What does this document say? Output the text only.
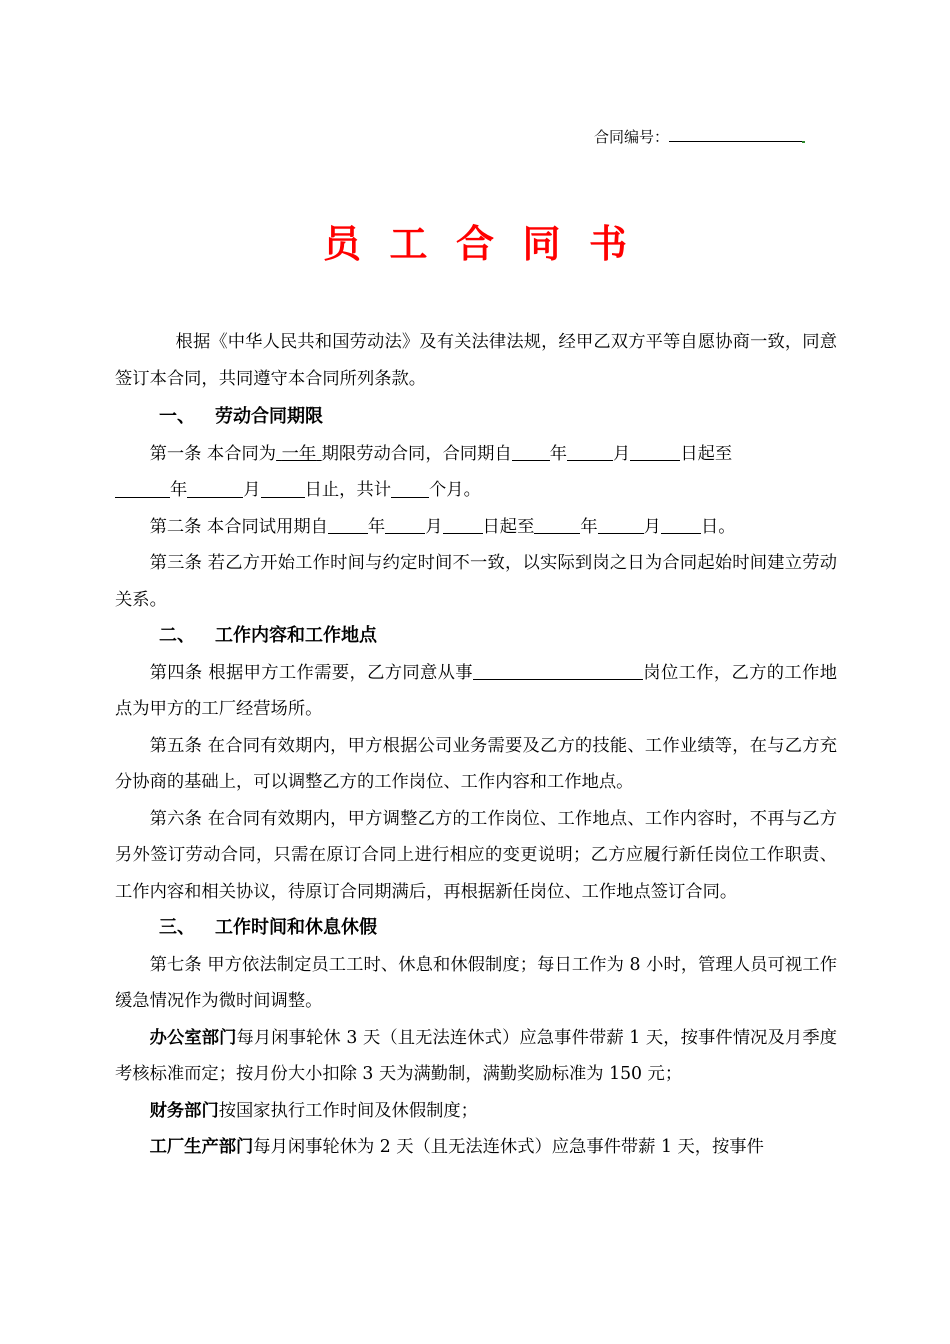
合同编号：
员工合同书

根据《中华人民共和国劳动法》及有关法律法规，经甲乙双方平等自愿协商一致，同意签订本合同，共同遵守本合同所列条款。

一、 劳动合同期限

第一条 本合同为 一年 期限劳动合同，合同期自 年	月	日起至
年	月	日止，共计 个月。

第二条 本合同试用期自 年 月 日起至	年	月 日。

第三条 若乙方开始工作时间与约定时间不一致，以实际到岗之日为合同起始时间建立劳动关系。

二、 工作内容和工作地点

第四条 根据甲方工作需要，乙方同意从事	岗位工作，乙方的工作地点为甲方的工厂经营场所。

第五条 在合同有效期内，甲方根据公司业务需要及乙方的技能、工作业绩等，在与乙方充分协商的基础上，可以调整乙方的工作岗位、工作内容和工作地点。

第六条 在合同有效期内，甲方调整乙方的工作岗位、工作地点、工作内容时，不再与乙方另外签订劳动合同，只需在原订合同上进行相应的变更说明；乙方应履行新任岗位工作职责、工作内容和相关协议，待原订合同期满后，再根据新任岗位、工作地点签订合同。

三、 工作时间和休息休假

第七条 甲方依法制定员工工时、休息和休假制度；每日工作为 8 小时，管理人员可视工作缓急情况作为微时间调整。

办公室部门每月闲事轮休 3 天（且无法连休式）应急事件带薪 1 天，按事件情况及月季度考核标准而定；按月份大小扣除 3 天为满勤制，满勤奖励标准为 150 元；

财务部门按国家执行工作时间及休假制度；

工厂生产部门每月闲事轮休为 2 天（且无法连休式）应急事件带薪 1 天，按事件
